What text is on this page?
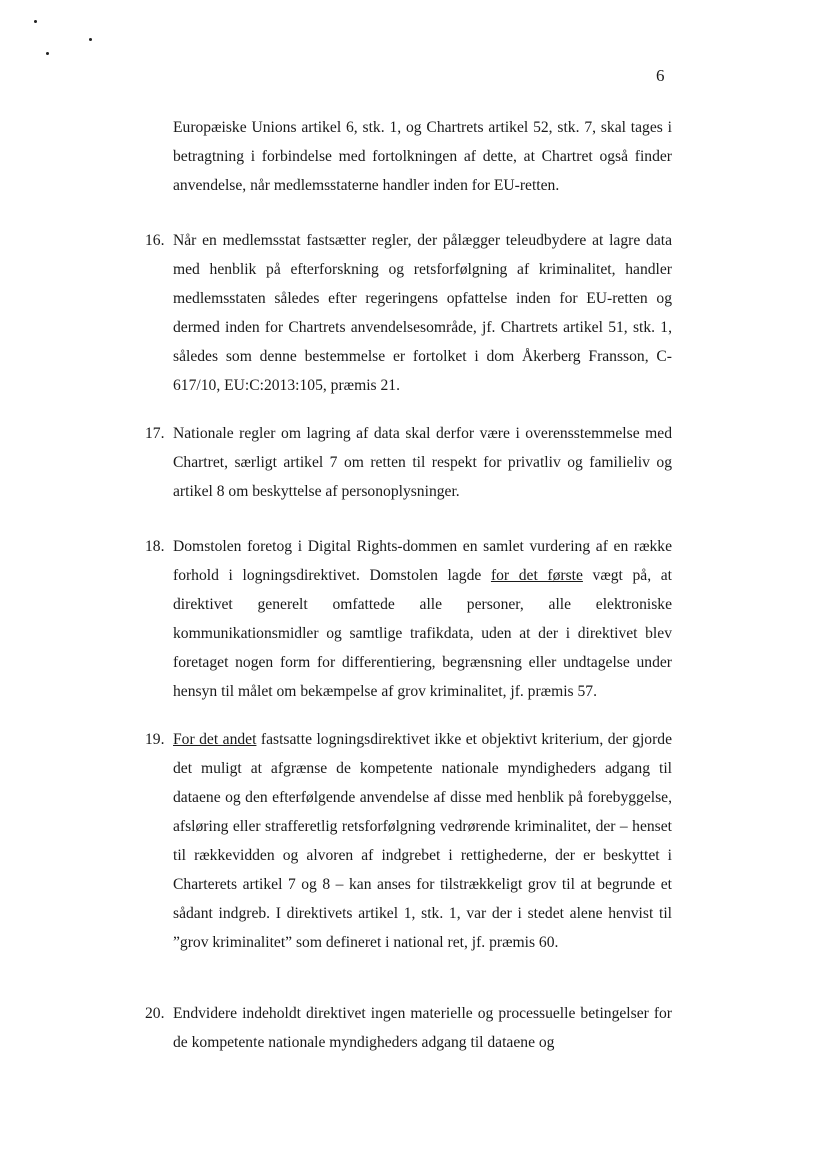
6
Europæiske Unions artikel 6, stk. 1, og Chartrets artikel 52, stk. 7, skal tages i betragtning i forbindelse med fortolkningen af dette, at Chartret også finder anvendelse, når medlemsstaterne handler inden for EU-retten.
16. Når en medlemsstat fastsætter regler, der pålægger teleudbydere at lagre data med henblik på efterforskning og retsforfølgning af kriminalitet, handler medlemsstaten således efter regeringens opfattelse inden for EU-retten og dermed inden for Chartrets anvendelsesområde, jf. Chartrets artikel 51, stk. 1, således som denne bestemmelse er fortolket i dom Åkerberg Fransson, C-617/10, EU:C:2013:105, præmis 21.
17. Nationale regler om lagring af data skal derfor være i overensstemmelse med Chartret, særligt artikel 7 om retten til respekt for privatliv og familieliv og artikel 8 om beskyttelse af personoplysninger.
18. Domstolen foretog i Digital Rights-dommen en samlet vurdering af en række forhold i logningsdirektivet. Domstolen lagde for det første vægt på, at direktivet generelt omfattede alle personer, alle elektroniske kommunikationsmidler og samtlige trafikdata, uden at der i direktivet blev foretaget nogen form for differentiering, begrænsning eller undtagelse under hensyn til målet om bekæmpelse af grov kriminalitet, jf. præmis 57.
19. For det andet fastsatte logningsdirektivet ikke et objektivt kriterium, der gjorde det muligt at afgrænse de kompetente nationale myndigheders adgang til dataene og den efterfølgende anvendelse af disse med henblik på forebyggelse, afsløring eller strafferetlig retsforfølgning vedrørende kriminalitet, der – henset til rækkevidden og alvoren af indgrebet i rettighederne, der er beskyttet i Charterets artikel 7 og 8 – kan anses for tilstrækkeligt grov til at begrunde et sådant indgreb. I direktivets artikel 1, stk. 1, var der i stedet alene henvist til ”grov kriminalitet” som defineret i national ret, jf. præmis 60.
20. Endvidere indeholdt direktivet ingen materielle og processuelle betingelser for de kompetente nationale myndigheders adgang til dataene og
